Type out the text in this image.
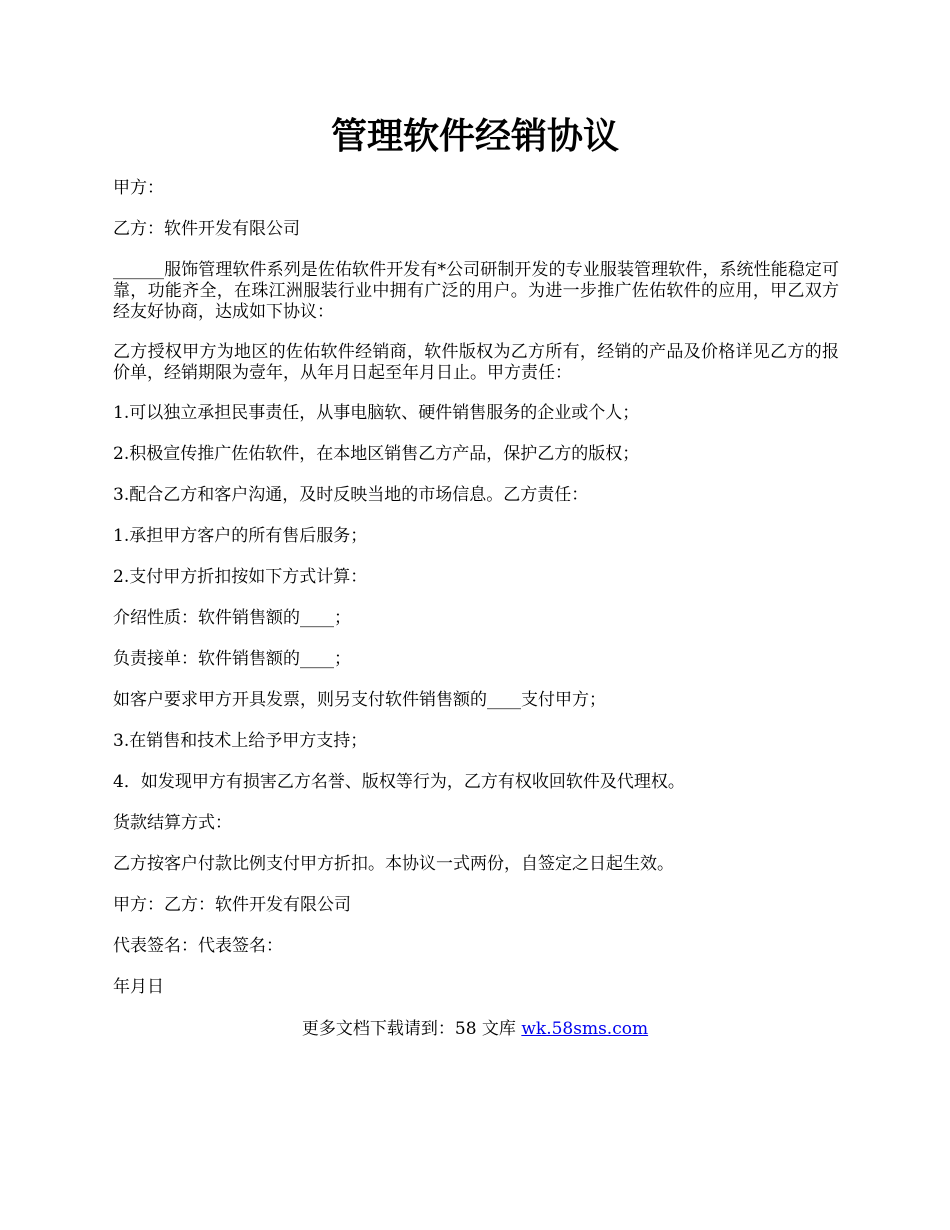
管理软件经销协议

甲方：

乙方：软件开发有限公司

______服饰管理软件系列是佐佑软件开发有*公司研制开发的专业服装管理软件，系统性能稳定可靠，功能齐全，在珠江洲服装行业中拥有广泛的用户。为进一步推广佐佑软件的应用，甲乙双方经友好协商，达成如下协议：

乙方授权甲方为地区的佐佑软件经销商，软件版权为乙方所有，经销的产品及价格详见乙方的报价单，经销期限为壹年，从年月日起至年月日止。甲方责任：

1.可以独立承担民事责任，从事电脑软、硬件销售服务的企业或个人；

2.积极宣传推广佐佑软件，在本地区销售乙方产品，保护乙方的版权；

3.配合乙方和客户沟通，及时反映当地的市场信息。乙方责任：

1.承担甲方客户的所有售后服务；

2.支付甲方折扣按如下方式计算：

介绍性质：软件销售额的____；

负责接单：软件销售额的____；

如客户要求甲方开具发票，则另支付软件销售额的____支付甲方；

3.在销售和技术上给予甲方支持；

4．如发现甲方有损害乙方名誉、版权等行为，乙方有权收回软件及代理权。

货款结算方式：

乙方按客户付款比例支付甲方折扣。本协议一式两份，自签定之日起生效。

甲方：乙方：软件开发有限公司

代表签名：代表签名：

年月日

更多文档下载请到：58 文库 wk.58sms.com
